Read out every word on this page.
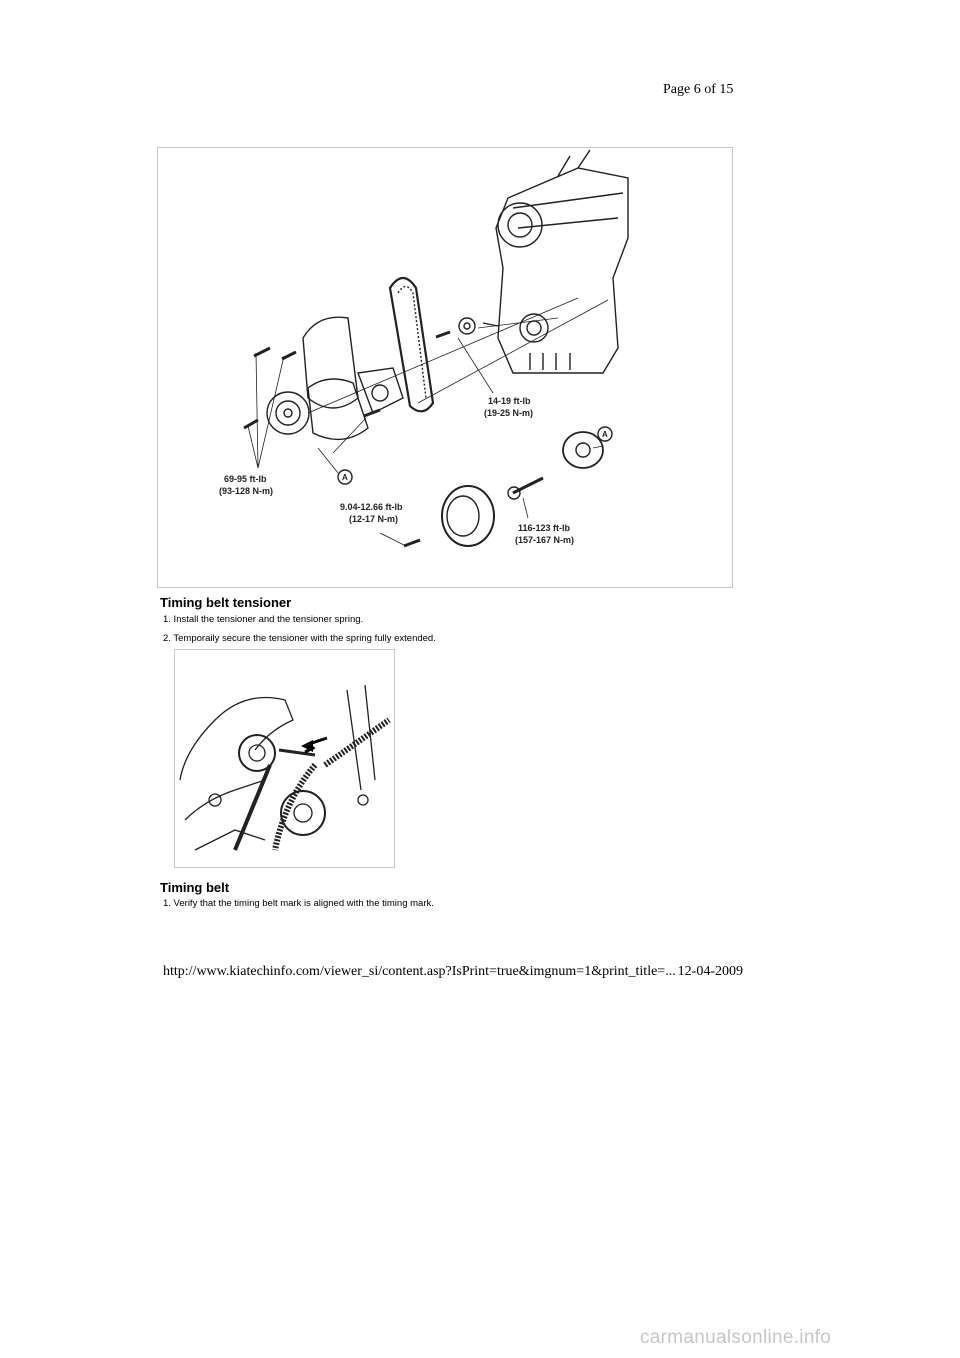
Page 6 of 15
14-19 ft-lb
(19-25 N-m)
69-95 ft-lb
(93-128 N-m)
9.04-12.66 ft-lb
(12-17 N-m)
116-123 ft-lb
(157-167 N-m)
A
A
Timing belt tensioner
1. Install the tensioner and the tensioner spring.
2. Temporaily secure the tensioner with the spring fully extended.
Timing belt
1. Verify that the timing belt mark is aligned with the timing mark.
http://www.kiatechinfo.com/viewer_si/content.asp?IsPrint=true&imgnum=1&print_title=... 12-04-2009
carmanualsonline.info
